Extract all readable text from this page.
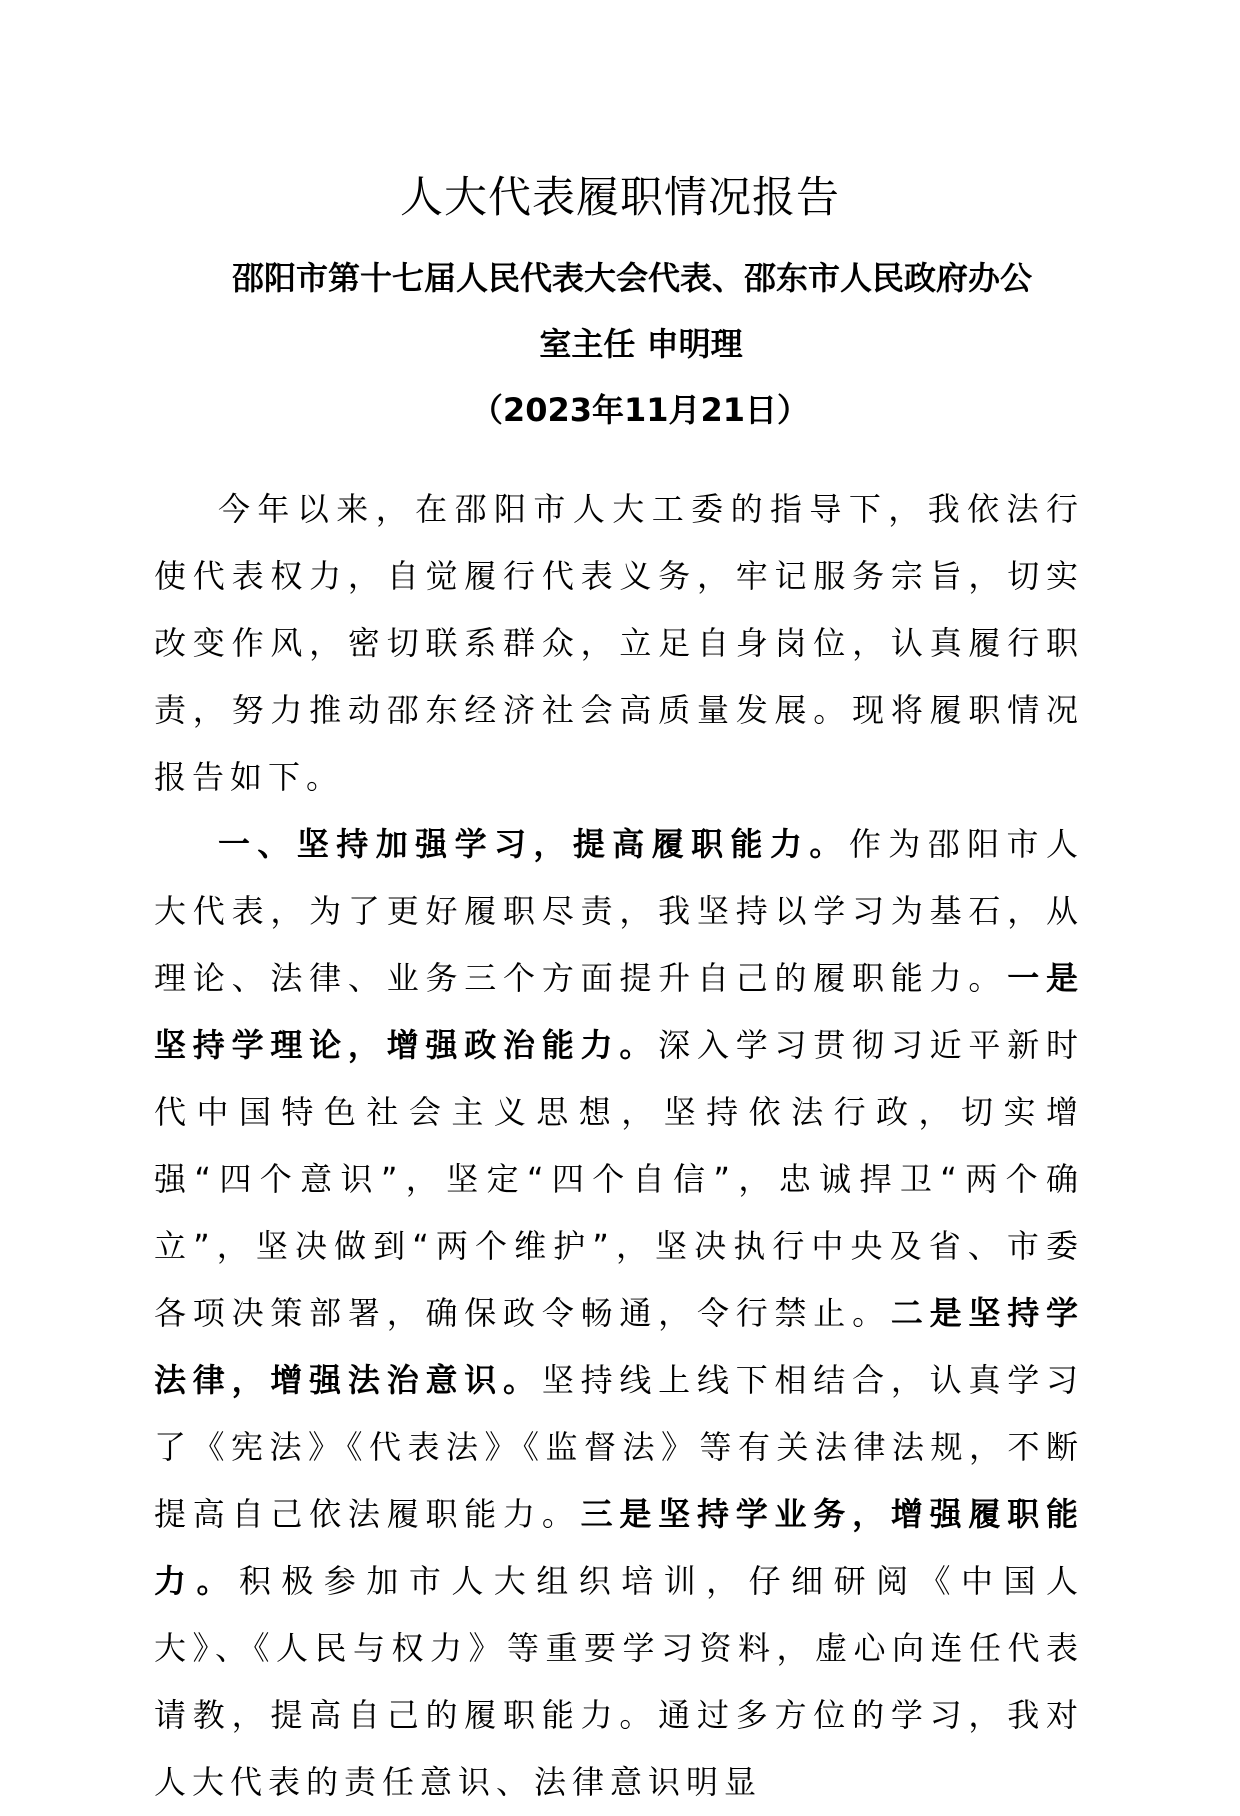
人大代表履职情况报告
邵阳市第十七届人民代表大会代表、邵东市人民政府办公
室主任 申明理
（2023年11月21日）

今年以来，在邵阳市人大工委的指导下，我依法行使代表权力，自觉履行代表义务，牢记服务宗旨，切实改变作风，密切联系群众，立足自身岗位，认真履行职责，努力推动邵东经济社会高质量发展。现将履职情况报告如下。

一、坚持加强学习，提高履职能力。作为邵阳市人大代表，为了更好履职尽责，我坚持以学习为基石，从理论、法律、业务三个方面提升自己的履职能力。一是坚持学理论，增强政治能力。深入学习贯彻习近平新时代中国特色社会主义思想，坚持依法行政，切实增强“四个意识”，坚定“四个自信”，忠诚捍卫“两个确立”，坚决做到“两个维护”，坚决执行中央及省、市委各项决策部署，确保政令畅通，令行禁止。二是坚持学法律，增强法治意识。坚持线上线下相结合，认真学习了《宪法》《代表法》《监督法》等有关法律法规，不断提高自己依法履职能力。三是坚持学业务，增强履职能力。积极参加市人大组织培训，仔细研阅《中国人大》、《人民与权力》等重要学习资料，虚心向连任代表请教，提高自己的履职能力。通过多方位的学习，我对人大代表的责任意识、法律意识明显
